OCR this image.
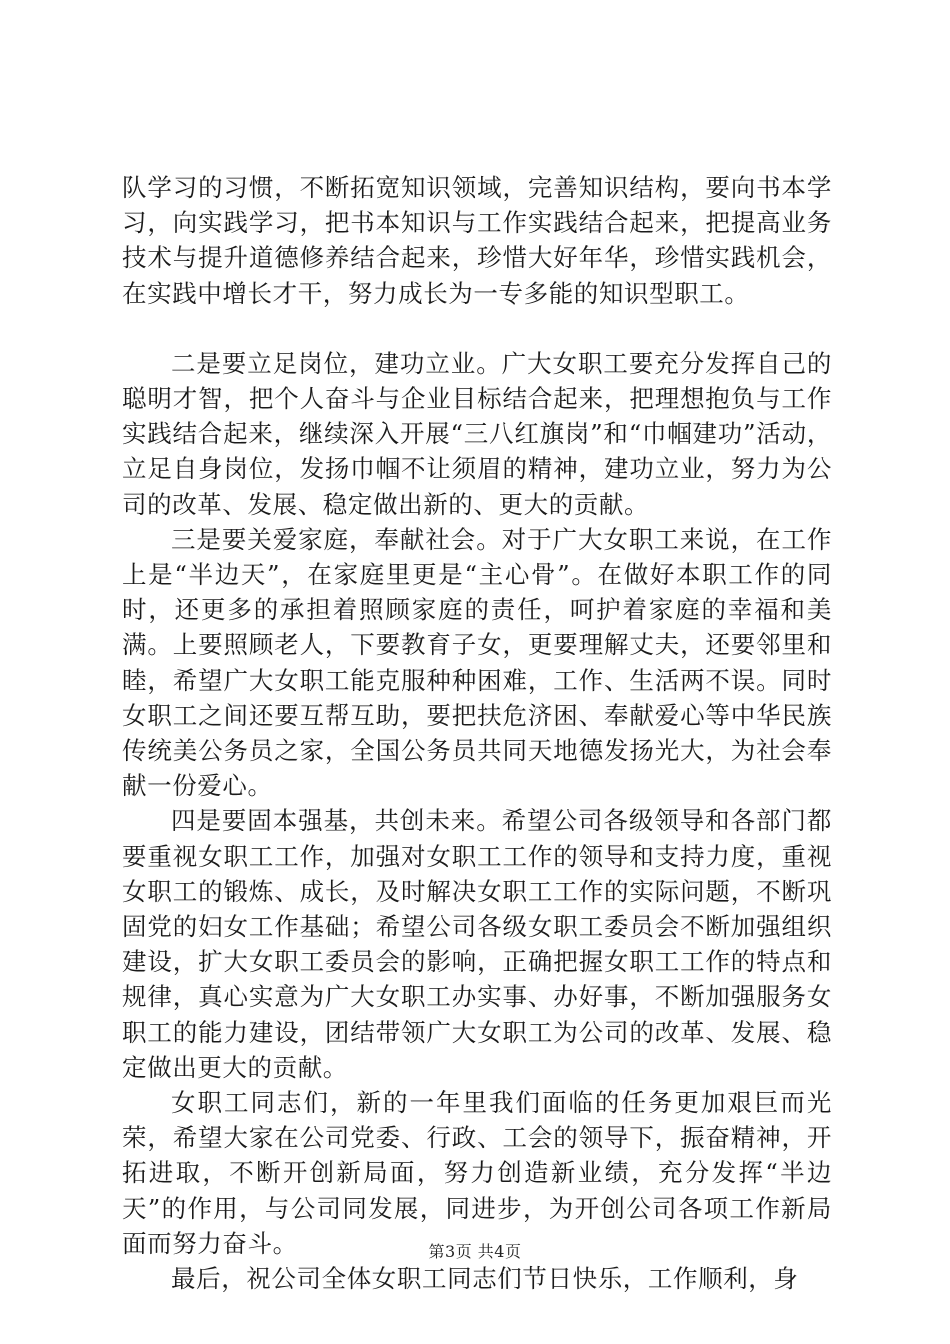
队学习的习惯，不断拓宽知识领域，完善知识结构，要向书本学习，向实践学习，把书本知识与工作实践结合起来，把提高业务技术与提升道德修养结合起来，珍惜大好年华，珍惜实践机会，在实践中增长才干，努力成长为一专多能的知识型职工。

二是要立足岗位，建功立业。广大女职工要充分发挥自己的聪明才智，把个人奋斗与企业目标结合起来，把理想抱负与工作实践结合起来，继续深入开展“三八红旗岗”和“巾帼建功”活动，立足自身岗位，发扬巾帼不让须眉的精神，建功立业，努力为公司的改革、发展、稳定做出新的、更大的贡献。

三是要关爱家庭，奉献社会。对于广大女职工来说，在工作上是“半边天”，在家庭里更是“主心骨”。在做好本职工作的同时，还更多的承担着照顾家庭的责任，呵护着家庭的幸福和美满。上要照顾老人，下要教育子女，更要理解丈夫，还要邻里和睦，希望广大女职工能克服种种困难，工作、生活两不误。同时女职工之间还要互帮互助，要把扶危济困、奉献爱心等中华民族传统美公务员之家，全国公务员共同天地德发扬光大，为社会奉献一份爱心。

四是要固本强基，共创未来。希望公司各级领导和各部门都要重视女职工工作，加强对女职工工作的领导和支持力度，重视女职工的锻炼、成长，及时解决女职工工作的实际问题，不断巩固党的妇女工作基础；希望公司各级女职工委员会不断加强组织建设，扩大女职工委员会的影响，正确把握女职工工作的特点和规律，真心实意为广大女职工办实事、办好事，不断加强服务女职工的能力建设，团结带领广大女职工为公司的改革、发展、稳定做出更大的贡献。

女职工同志们，新的一年里我们面临的任务更加艰巨而光荣，希望大家在公司党委、行政、工会的领导下，振奋精神，开拓进取，不断开创新局面，努力创造新业绩，充分发挥“半边天”的作用，与公司同发展，同进步，为开创公司各项工作新局面而努力奋斗。

最后，祝公司全体女职工同志们节日快乐，工作顺利，身

第3页 共4页
